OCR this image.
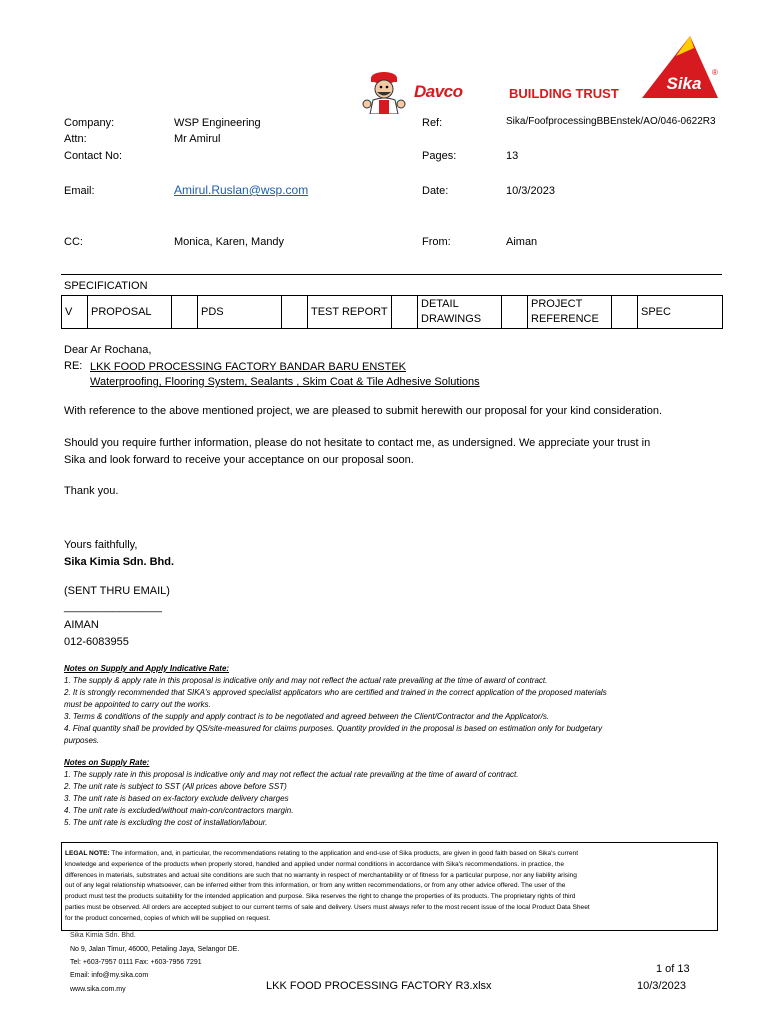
Davco	BUILDING TRUST
Sika
®
Company:	WSP Engineering
Attn:	Mr Amirul
Contact No:
Email:	Amirul.Ruslan@wsp.com
CC:	Monica, Karen, Mandy
Ref:	Sika/FoofprocessingBBEnstek/AO/046-0622R3
Pages:	13
Date:	10/3/2023
From:	Aiman
SPECIFICATION
V	PROPOSAL		PDS		TEST REPORT		DETAIL DRAWINGS		PROJECT REFERENCE		SPEC
Dear Ar Rochana,
RE: LKK FOOD PROCESSING FACTORY BANDAR BARU ENSTEK
Waterproofing, Flooring System, Sealants , Skim Coat & Tile Adhesive Solutions
With reference to the above mentioned project, we are pleased to submit herewith our proposal for your kind consideration.
Should you require further information, please do not hesitate to contact me, as undersigned. We appreciate your trust in
Sika and look forward to receive your acceptance on our proposal soon.
Thank you.
Yours faithfully,
Sika Kimia Sdn. Bhd.
(SENT THRU EMAIL)
________________
AIMAN
012-6083955
Notes on Supply and Apply Indicative Rate:
1. The supply & apply rate in this proposal is indicative only and may not reflect the actual rate prevailing at the time of award of contract.
2. It is strongly recommended that SIKA's approved specialist applicators who are certified and trained in the correct application of the proposed materials
must be appointed to carry out the works.
3. Terms & conditions of the supply and apply contract is to be negotiated and agreed between the Client/Contractor and the Applicator/s.
4. Final quantity shall be provided by QS/site-measured for claims purposes. Quantity provided in the proposal is based on estimation only for budgetary
purposes.
Notes on Supply Rate:
1. The supply rate in this proposal is indicative only and may not reflect the actual rate prevailing at the time of award of contract.
2. The unit rate is subject to SST (All prices above before SST)
3. The unit rate is based on ex-factory exclude delivery charges
4. The unit rate is excluded/without main-con/contractors margin.
5. The unit rate is excluding the cost of installation/labour.
LEGAL NOTE: The information, and, in particular, the recommendations relating to the application and end-use of Sika products, are given in good faith based on Sika's current
knowledge and experience of the products when properly stored, handled and applied under normal conditions in accordance with Sika's recommendations. in practice, the
differences in materials, substrates and actual site conditions are such that no warranty in respect of merchantability or of fitness for a particular purpose, nor any liability arising
out of any legal relationship whatsoever, can be inferred either from this information, or from any written recommendations, or from any other advice offered. The user of the
product must test the products suitability for the intended application and purpose. Sika reserves the right to change the properties of its products. The proprietary rights of third
parties must be observed. All orders are accepted subject to our current terms of sale and delivery. Users must always refer to the most recent issue of the local Product Data Sheet
for the product concerned, copies of which will be supplied on request.
Sika Kimia Sdn. Bhd.
No 9, Jalan Timur, 46000, Petaling Jaya, Selangor DE.
Tel: +603-7957 0111 Fax: +603-7956 7291
Email: info@my.sika.com
www.sika.com.my	LKK FOOD PROCESSING FACTORY R3.xlsx
1 of 13
10/3/2023
